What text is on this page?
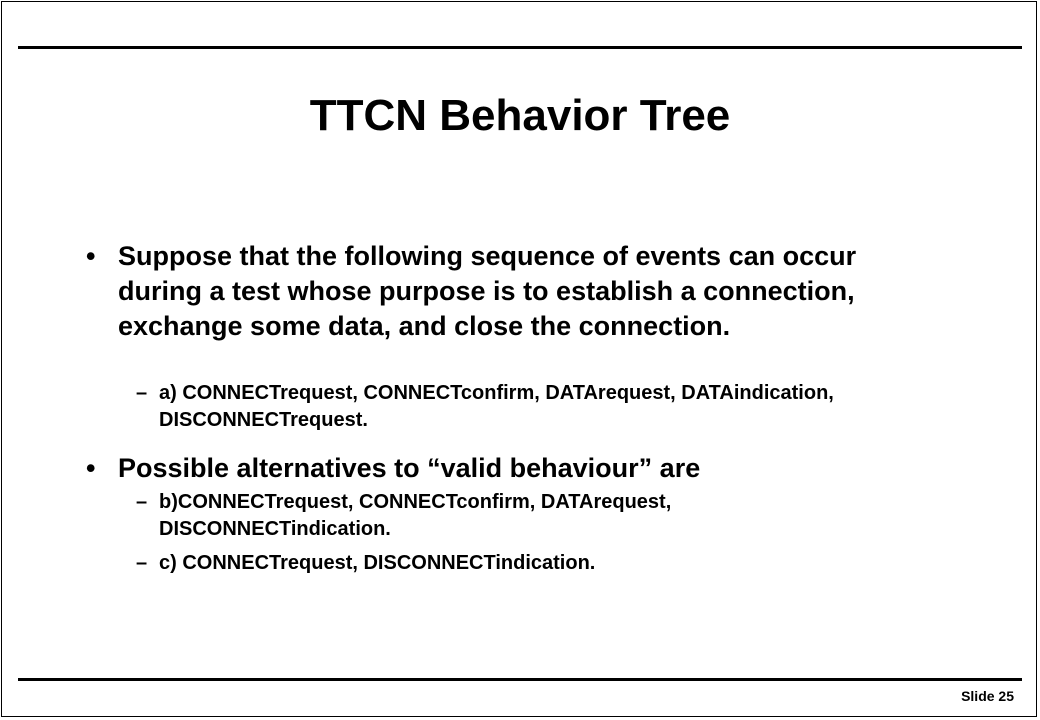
TTCN Behavior Tree
• Suppose that the following sequence of events can occur during a test whose purpose is to establish a connection, exchange some data, and close the connection.
– a) CONNECTrequest, CONNECTconfirm, DATArequest, DATAindication, DISCONNECTrequest.
• Possible alternatives to “valid behaviour” are
– b)CONNECTrequest, CONNECTconfirm, DATArequest, DISCONNECTindication.
– c) CONNECTrequest, DISCONNECTindication.
Slide 25
